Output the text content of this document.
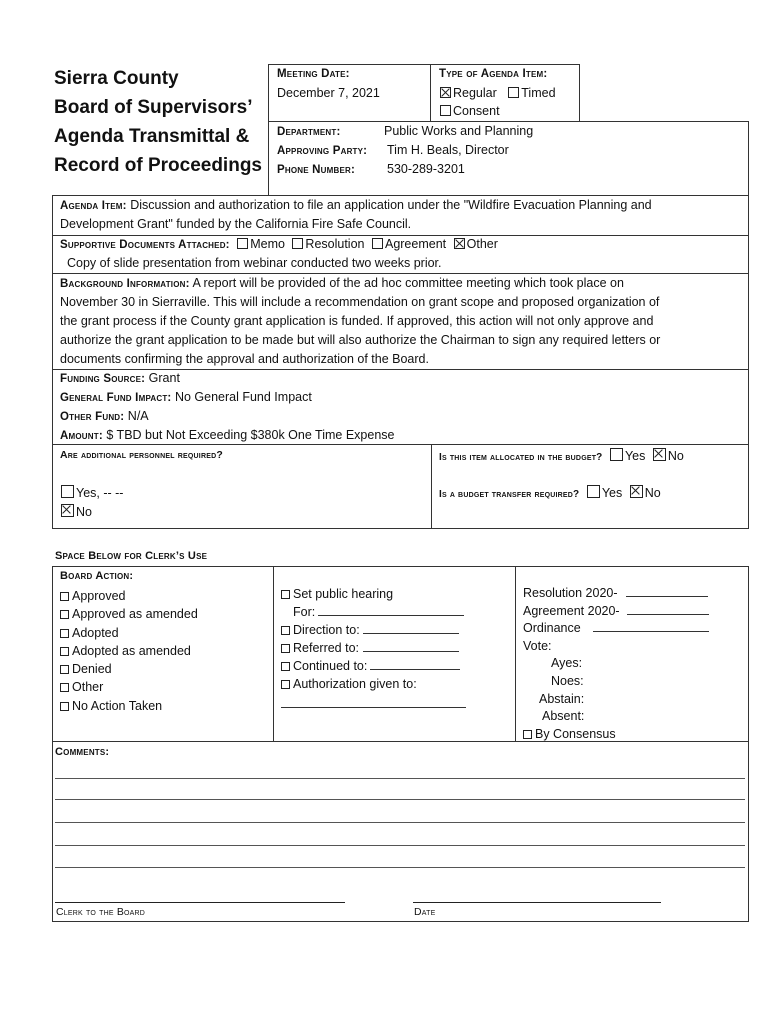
Sierra County
Board of Supervisors’
Agenda Transmittal &
Record of Proceedings
Meeting Date:
December 7, 2021
Type of Agenda Item:
Regular Timed
Consent
Department:	Public Works and Planning
Approving Party: Tim H. Beals, Director
Phone Number:	530-289-3201
Agenda Item: Discussion and authorization to file an application under the "Wildfire Evacuation Planning and
Development Grant" funded by the California Fire Safe Council.
Supportive Documents Attached: Memo Resolution Agreement Other
Copy of slide presentation from webinar conducted two weeks prior.
Background Information: A report will be provided of the ad hoc committee meeting which took place on
November 30 in Sierraville. This will include a recommendation on grant scope and proposed organization of
the grant process if the County grant application is funded. If approved, this action will not only approve and
authorize the grant application to be made but will also authorize the Chairman to sign any required letters or
documents confirming the approval and authorization of the Board.
Funding Source: Grant
General Fund Impact: No General Fund Impact
Other Fund: N/A
Amount: $ TBD but Not Exceeding $380k One Time Expense
Are additional personnel required?
Yes, -- --
No
Is this item allocated in the budget? Yes No
Is a budget transfer required? Yes No
Space Below for Clerk’s Use
Board Action:
Approved
Approved as amended
Adopted
Adopted as amended
Denied
Other
No Action Taken
Set public hearing
For:
Direction to:
Referred to:
Continued to:
Authorization given to:
Resolution 2020-
Agreement 2020-
Ordinance
Vote:
Ayes:
Noes:
Abstain:
Absent:
By Consensus
Comments:
Clerk to the Board	Date
